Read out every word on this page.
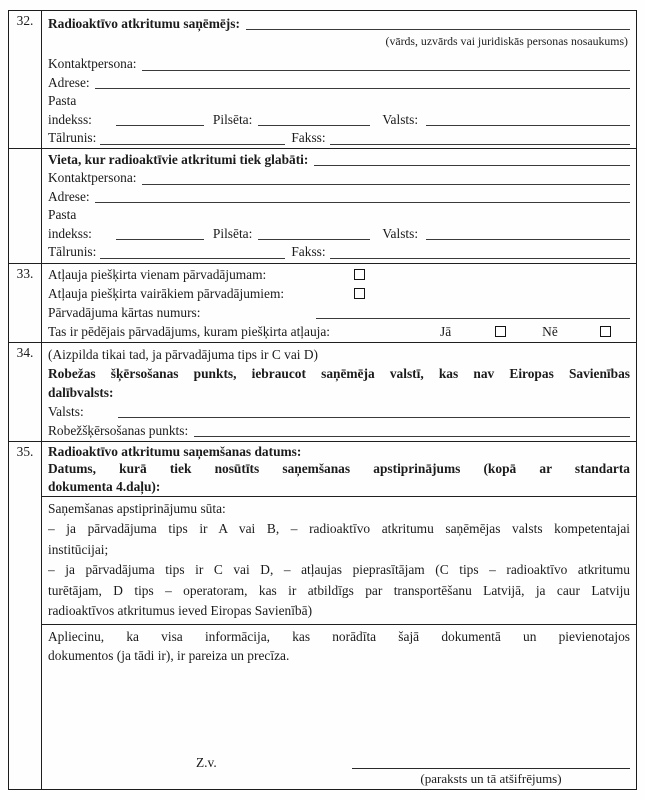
32.	Radioaktīvo atkritumu saņēmējs:
(vārds, uzvārds vai juridiskās personas nosaukums)
Kontaktpersona:
Adrese:
Pasta
indekss:	Pilsēta:	Valsts:
Tālrunis:	Fakss:
Vieta, kur radioaktīvie atkritumi tiek glabāti:
Kontaktpersona:
Adrese:
Pasta
indekss:	Pilsēta:	Valsts:
Tālrunis:	Fakss:
33.	Atļauja piešķirta vienam pārvadājumam:
Atļauja piešķirta vairākiem pārvadājumiem:
Pārvadājuma kārtas numurs:
Tas ir pēdējais pārvadājums, kuram piešķirta atļauja:	Jā	Nē
34.	(Aizpilda tikai tad, ja pārvadājuma tips ir C vai D)
Robežas šķērsošanas punkts, iebraucot saņēmēja valstī, kas nav Eiropas Savienības
dalībvalsts:
Valsts:
Robežšķērsošanas punkts:
35.	Radioaktīvo atkritumu saņemšanas datums:
Datums, kurā tiek nosūtīts saņemšanas apstiprinājums (kopā ar standarta
dokumenta 4.daļu):
Saņemšanas apstiprinājumu sūta:
– ja pārvadājuma tips ir A vai B, – radioaktīvo atkritumu saņēmējas valsts kompetentajai
institūcijai;
– ja pārvadājuma tips ir C vai D, – atļaujas pieprasītājam (C tips – radioaktīvo atkritumu
turētājam, D tips – operatoram, kas ir atbildīgs par transportēšanu Latvijā, ja caur Latviju
radioaktīvos atkritumus ieved Eiropas Savienībā)
Apliecinu, ka visa informācija, kas norādīta šajā dokumentā un pievienotajos
dokumentos (ja tādi ir), ir pareiza un precīza.
Z.v.
(paraksts un tā atšifrējums)
